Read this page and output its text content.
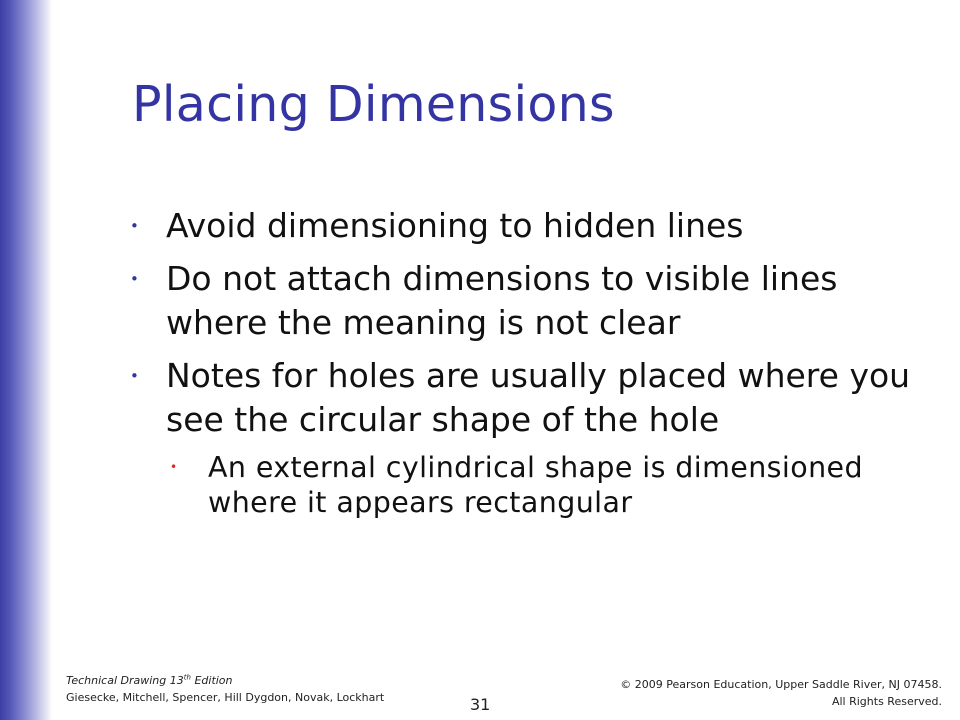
Placing Dimensions
• Avoid dimensioning to hidden lines
• Do not attach dimensions to visible lines where the meaning is not clear
• Notes for holes are usually placed where you see the circular shape of the hole
• An external cylindrical shape is dimensioned where it appears rectangular
Technical Drawing 13th Edition
Giesecke, Mitchell, Spencer, Hill Dygdon, Novak, Lockhart	31
© 2009 Pearson Education, Upper Saddle River, NJ 07458.
All Rights Reserved.
